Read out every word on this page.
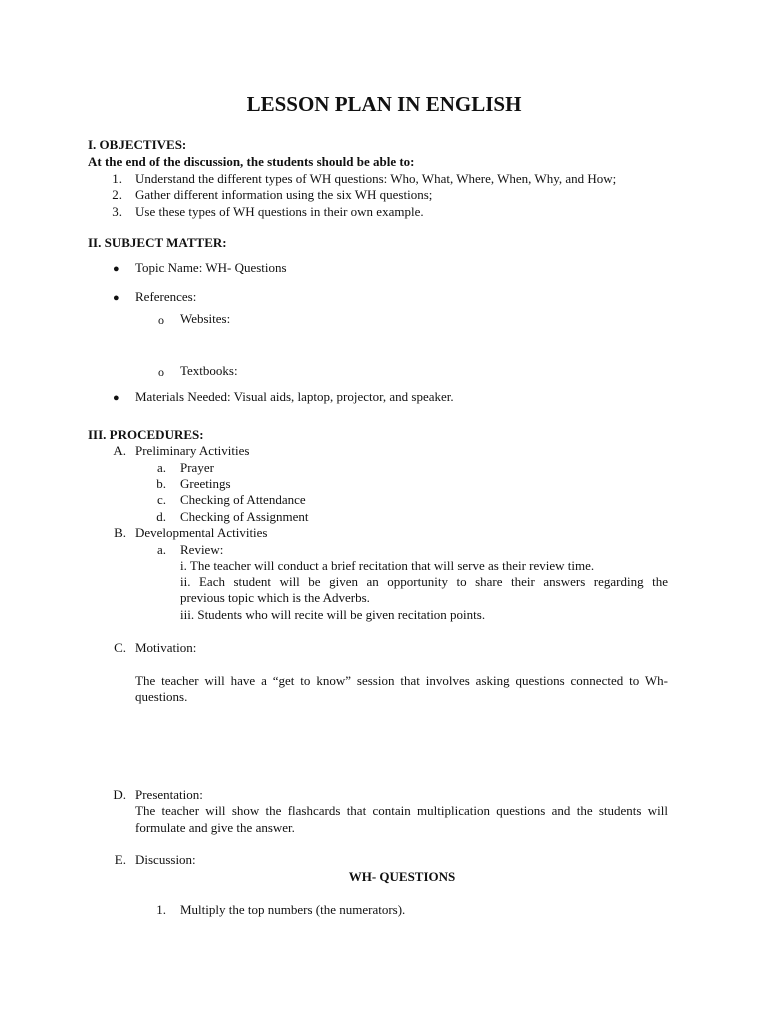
LESSON PLAN IN ENGLISH
I. OBJECTIVES:
At the end of the discussion, the students should be able to:
1. Understand the different types of WH questions: Who, What, Where, When, Why, and How;
2. Gather different information using the six WH questions;
3. Use these types of WH questions in their own example.
II. SUBJECT MATTER:
● Topic Name: WH- Questions
● References:
o Websites:
o Textbooks:
● Materials Needed: Visual aids, laptop, projector, and speaker.
III. PROCEDURES:
A. Preliminary Activities
a. Prayer
b. Greetings
c. Checking of Attendance
d. Checking of Assignment
B. Developmental Activities
a. Review:
i. The teacher will conduct a brief recitation that will serve as their review time.
ii. Each student will be given an opportunity to share their answers regarding the
previous topic which is the Adverbs.
iii. Students who will recite will be given recitation points.
C. Motivation:
The teacher will have a “get to know” session that involves asking questions connected to Wh-
questions.
D. Presentation:
The teacher will show the flashcards that contain multiplication questions and the students will
formulate and give the answer.
E. Discussion:
WH- QUESTIONS
1. Multiply the top numbers (the numerators).
